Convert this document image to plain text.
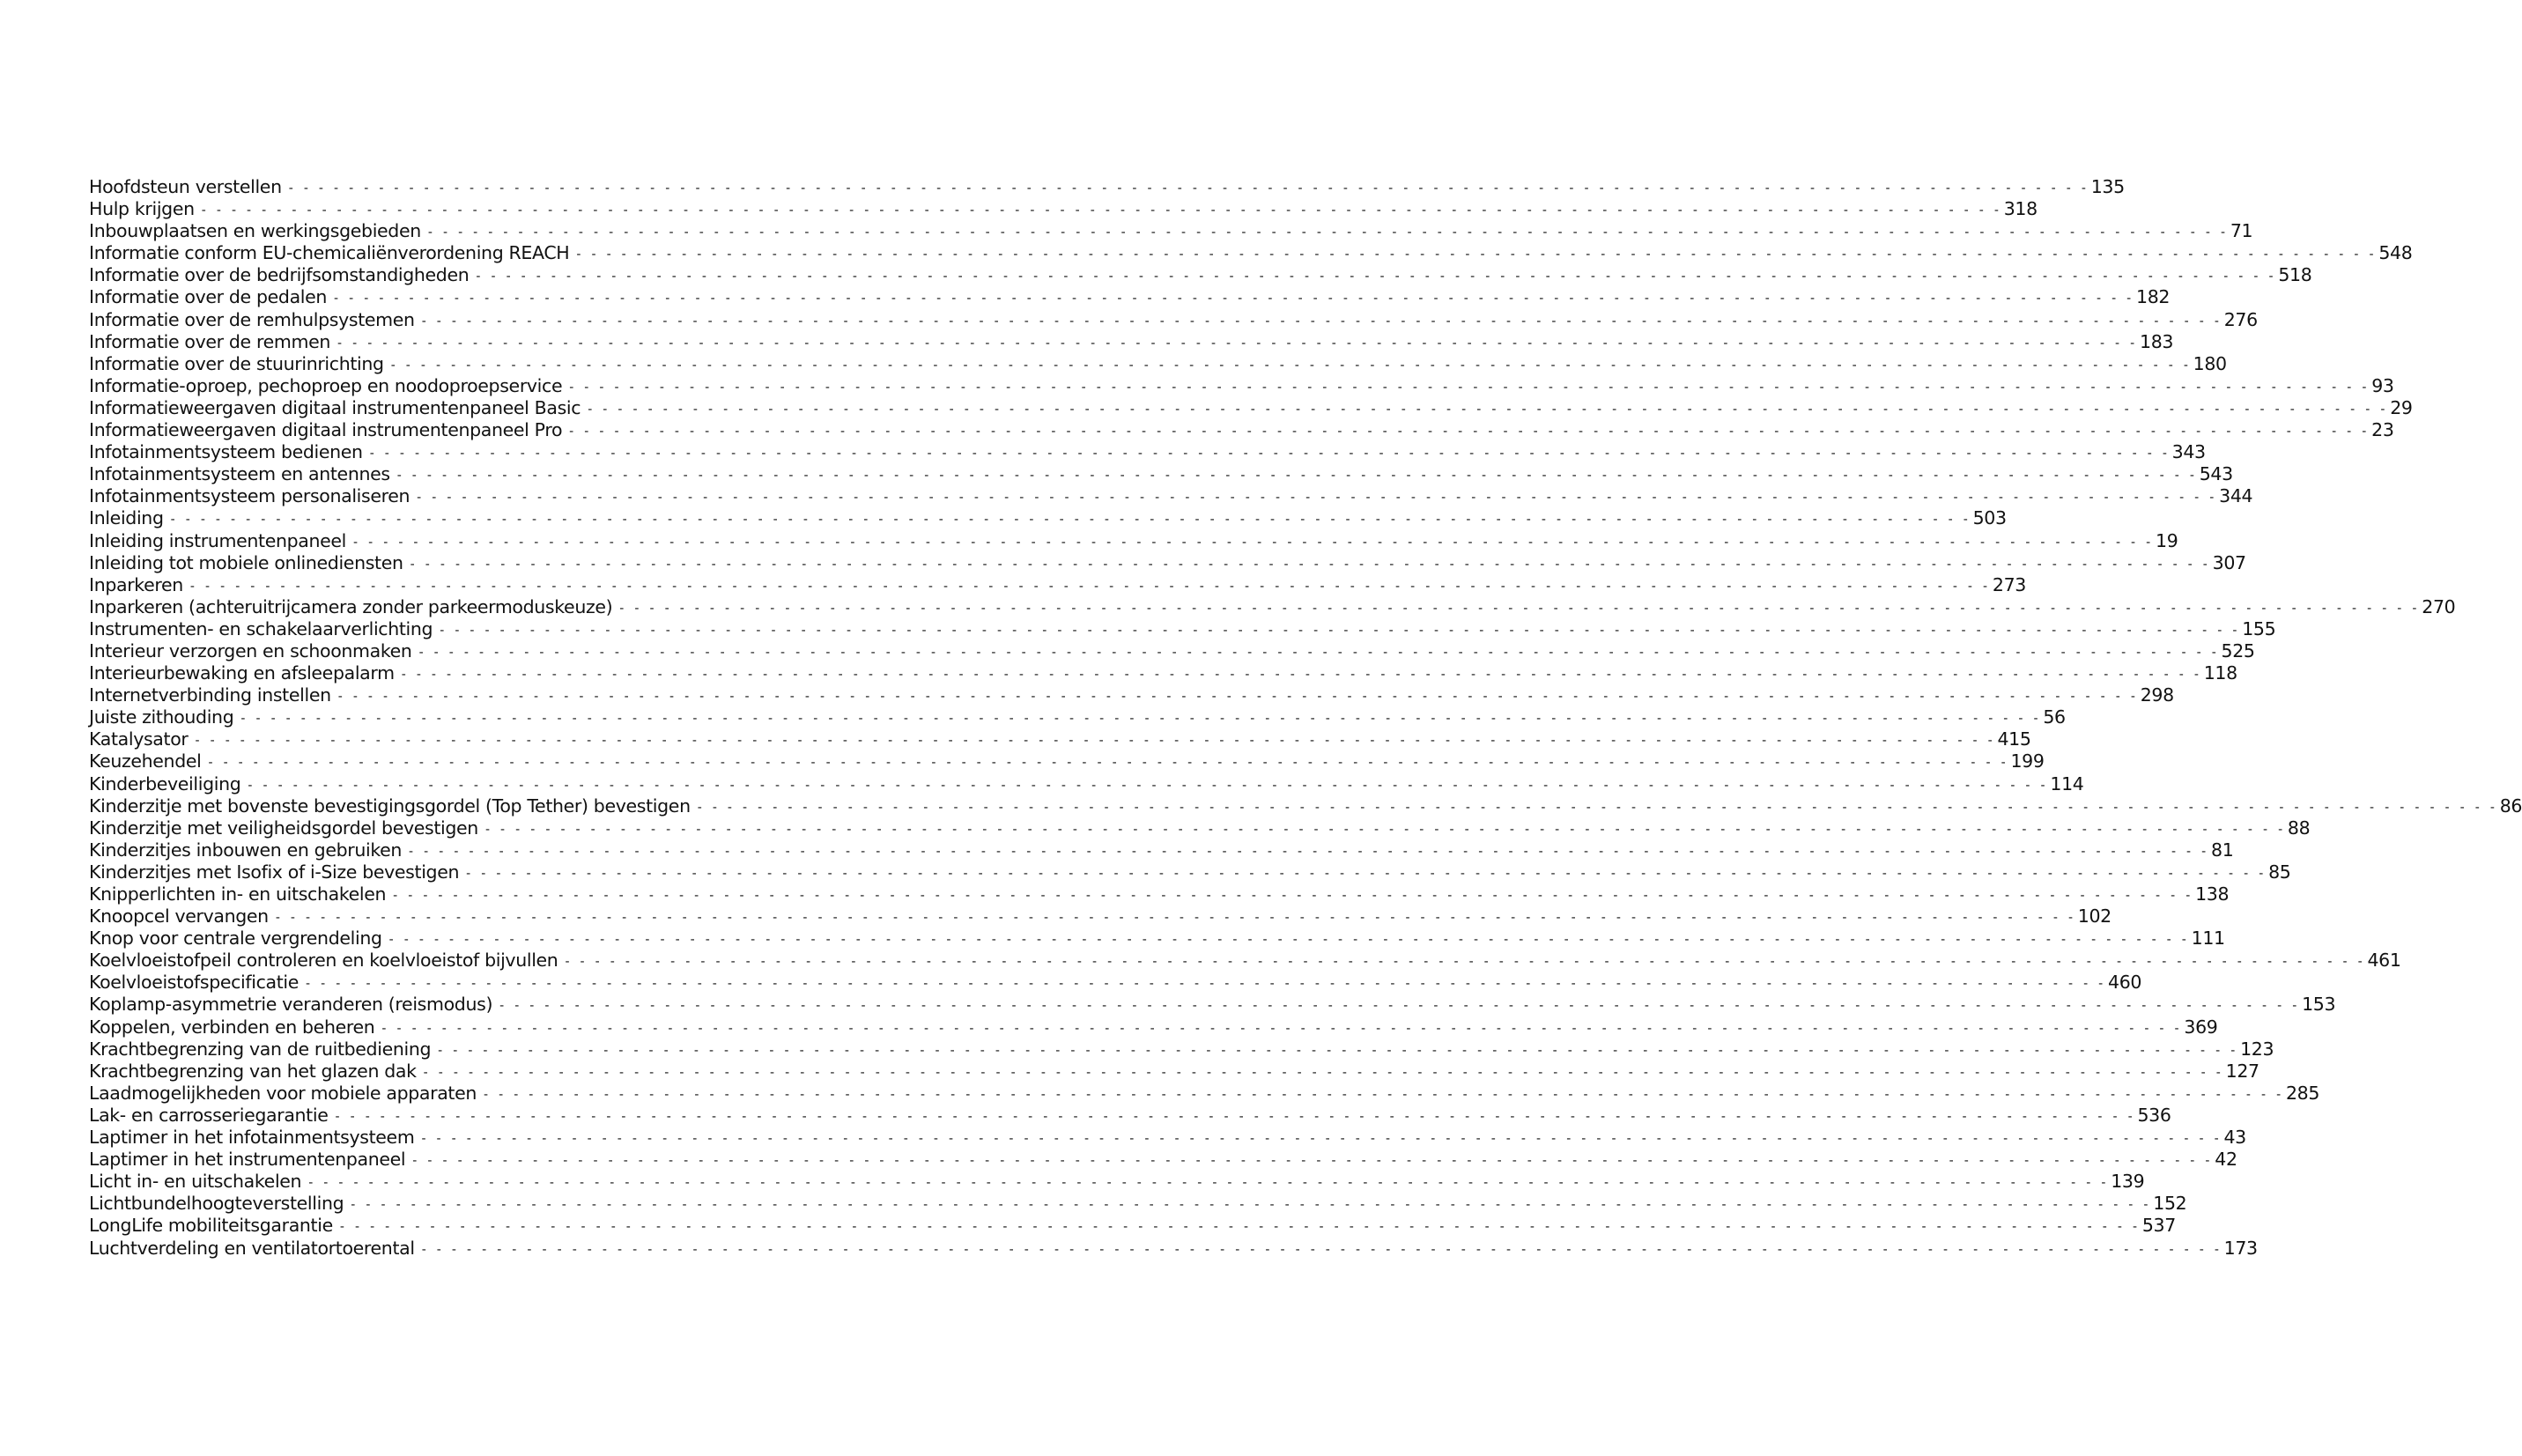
Hoofdsteun verstellen - - - - - - - - - - - - - - - - - - - - - - - - - - - - - - - - - - - - - - - - - - - - - - - - - - - - - - - - - - - - - - - - - - - - - - - - - - - - - - - - - - - - - - - - - - - - - - - - - - - - - - - - - - - - - - - - - - - - - - - - 135
Hulp krijgen - - - - - - - - - - - - - - - - - - - - - - - - - - - - - - - - - - - - - - - - - - - - - - - - - - - - - - - - - - - - - - - - - - - - - - - - - - - - - - - - - - - - - - - - - - - - - - - - - - - - - - - - - - - - - - - - - - - - - - - - 318
Inbouwplaatsen en werkingsgebieden - - - - - - - - - - - - - - - - - - - - - - - - - - - - - - - - - - - - - - - - - - - - - - - - - - - - - - - - - - - - - - - - - - - - - - - - - - - - - - - - - - - - - - - - - - - - - - - - - - - - - - - - - - - - - - - - - - - - - - - - 71
Informatie conform EU-chemicaliënverordening REACH - - - - - - - - - - - - - - - - - - - - - - - - - - - - - - - - - - - - - - - - - - - - - - - - - - - - - - - - - - - - - - - - - - - - - - - - - - - - - - - - - - - - - - - - - - - - - - - - - - - - - - - - - - - - - - - - - - - - - - - - 548
Informatie over de bedrijfsomstandigheden - - - - - - - - - - - - - - - - - - - - - - - - - - - - - - - - - - - - - - - - - - - - - - - - - - - - - - - - - - - - - - - - - - - - - - - - - - - - - - - - - - - - - - - - - - - - - - - - - - - - - - - - - - - - - - - - - - - - - - - - 518
Informatie over de pedalen - - - - - - - - - - - - - - - - - - - - - - - - - - - - - - - - - - - - - - - - - - - - - - - - - - - - - - - - - - - - - - - - - - - - - - - - - - - - - - - - - - - - - - - - - - - - - - - - - - - - - - - - - - - - - - - - - - - - - - - - 182
Informatie over de remhulpsystemen - - - - - - - - - - - - - - - - - - - - - - - - - - - - - - - - - - - - - - - - - - - - - - - - - - - - - - - - - - - - - - - - - - - - - - - - - - - - - - - - - - - - - - - - - - - - - - - - - - - - - - - - - - - - - - - - - - - - - - - - 276
Informatie over de remmen - - - - - - - - - - - - - - - - - - - - - - - - - - - - - - - - - - - - - - - - - - - - - - - - - - - - - - - - - - - - - - - - - - - - - - - - - - - - - - - - - - - - - - - - - - - - - - - - - - - - - - - - - - - - - - - - - - - - - - - - 183
Informatie over de stuurinrichting - - - - - - - - - - - - - - - - - - - - - - - - - - - - - - - - - - - - - - - - - - - - - - - - - - - - - - - - - - - - - - - - - - - - - - - - - - - - - - - - - - - - - - - - - - - - - - - - - - - - - - - - - - - - - - - - - - - - - - - - 180
Informatie-oproep, pechoproep en noodoproepservice - - - - - - - - - - - - - - - - - - - - - - - - - - - - - - - - - - - - - - - - - - - - - - - - - - - - - - - - - - - - - - - - - - - - - - - - - - - - - - - - - - - - - - - - - - - - - - - - - - - - - - - - - - - - - - - - - - - - - - - - 93
Informatieweergaven digitaal instrumentenpaneel Basic - - - - - - - - - - - - - - - - - - - - - - - - - - - - - - - - - - - - - - - - - - - - - - - - - - - - - - - - - - - - - - - - - - - - - - - - - - - - - - - - - - - - - - - - - - - - - - - - - - - - - - - - - - - - - - - - - - - - - - - - 29
Informatieweergaven digitaal instrumentenpaneel Pro - - - - - - - - - - - - - - - - - - - - - - - - - - - - - - - - - - - - - - - - - - - - - - - - - - - - - - - - - - - - - - - - - - - - - - - - - - - - - - - - - - - - - - - - - - - - - - - - - - - - - - - - - - - - - - - - - - - - - - - - 23
Infotainmentsysteem bedienen - - - - - - - - - - - - - - - - - - - - - - - - - - - - - - - - - - - - - - - - - - - - - - - - - - - - - - - - - - - - - - - - - - - - - - - - - - - - - - - - - - - - - - - - - - - - - - - - - - - - - - - - - - - - - - - - - - - - - - - - 343
Infotainmentsysteem en antennes - - - - - - - - - - - - - - - - - - - - - - - - - - - - - - - - - - - - - - - - - - - - - - - - - - - - - - - - - - - - - - - - - - - - - - - - - - - - - - - - - - - - - - - - - - - - - - - - - - - - - - - - - - - - - - - - - - - - - - - - 543
Infotainmentsysteem personaliseren - - - - - - - - - - - - - - - - - - - - - - - - - - - - - - - - - - - - - - - - - - - - - - - - - - - - - - - - - - - - - - - - - - - - - - - - - - - - - - - - - - - - - - - - - - - - - - - - - - - - - - - - - - - - - - - - - - - - - - - - 344
Inleiding - - - - - - - - - - - - - - - - - - - - - - - - - - - - - - - - - - - - - - - - - - - - - - - - - - - - - - - - - - - - - - - - - - - - - - - - - - - - - - - - - - - - - - - - - - - - - - - - - - - - - - - - - - - - - - - - - - - - - - - - 503
Inleiding instrumentenpaneel - - - - - - - - - - - - - - - - - - - - - - - - - - - - - - - - - - - - - - - - - - - - - - - - - - - - - - - - - - - - - - - - - - - - - - - - - - - - - - - - - - - - - - - - - - - - - - - - - - - - - - - - - - - - - - - - - - - - - - - - 19
Inleiding tot mobiele onlinediensten - - - - - - - - - - - - - - - - - - - - - - - - - - - - - - - - - - - - - - - - - - - - - - - - - - - - - - - - - - - - - - - - - - - - - - - - - - - - - - - - - - - - - - - - - - - - - - - - - - - - - - - - - - - - - - - - - - - - - - - - 307
Inparkeren - - - - - - - - - - - - - - - - - - - - - - - - - - - - - - - - - - - - - - - - - - - - - - - - - - - - - - - - - - - - - - - - - - - - - - - - - - - - - - - - - - - - - - - - - - - - - - - - - - - - - - - - - - - - - - - - - - - - - - - - 273
Inparkeren (achteruitrijcamera zonder parkeermoduskeuze) - - - - - - - - - - - - - - - - - - - - - - - - - - - - - - - - - - - - - - - - - - - - - - - - - - - - - - - - - - - - - - - - - - - - - - - - - - - - - - - - - - - - - - - - - - - - - - - - - - - - - - - - - - - - - - - - - - - - - - - - 270
Instrumenten- en schakelaarverlichting - - - - - - - - - - - - - - - - - - - - - - - - - - - - - - - - - - - - - - - - - - - - - - - - - - - - - - - - - - - - - - - - - - - - - - - - - - - - - - - - - - - - - - - - - - - - - - - - - - - - - - - - - - - - - - - - - - - - - - - - 155
Interieur verzorgen en schoonmaken - - - - - - - - - - - - - - - - - - - - - - - - - - - - - - - - - - - - - - - - - - - - - - - - - - - - - - - - - - - - - - - - - - - - - - - - - - - - - - - - - - - - - - - - - - - - - - - - - - - - - - - - - - - - - - - - - - - - - - - - 525
Interieurbewaking en afsleepalarm - - - - - - - - - - - - - - - - - - - - - - - - - - - - - - - - - - - - - - - - - - - - - - - - - - - - - - - - - - - - - - - - - - - - - - - - - - - - - - - - - - - - - - - - - - - - - - - - - - - - - - - - - - - - - - - - - - - - - - - - 118
Internetverbinding instellen - - - - - - - - - - - - - - - - - - - - - - - - - - - - - - - - - - - - - - - - - - - - - - - - - - - - - - - - - - - - - - - - - - - - - - - - - - - - - - - - - - - - - - - - - - - - - - - - - - - - - - - - - - - - - - - - - - - - - - - - 298
Juiste zithouding - - - - - - - - - - - - - - - - - - - - - - - - - - - - - - - - - - - - - - - - - - - - - - - - - - - - - - - - - - - - - - - - - - - - - - - - - - - - - - - - - - - - - - - - - - - - - - - - - - - - - - - - - - - - - - - - - - - - - - - - 56
Katalysator - - - - - - - - - - - - - - - - - - - - - - - - - - - - - - - - - - - - - - - - - - - - - - - - - - - - - - - - - - - - - - - - - - - - - - - - - - - - - - - - - - - - - - - - - - - - - - - - - - - - - - - - - - - - - - - - - - - - - - - - 415
Keuzehendel - - - - - - - - - - - - - - - - - - - - - - - - - - - - - - - - - - - - - - - - - - - - - - - - - - - - - - - - - - - - - - - - - - - - - - - - - - - - - - - - - - - - - - - - - - - - - - - - - - - - - - - - - - - - - - - - - - - - - - - - 199
Kinderbeveiliging - - - - - - - - - - - - - - - - - - - - - - - - - - - - - - - - - - - - - - - - - - - - - - - - - - - - - - - - - - - - - - - - - - - - - - - - - - - - - - - - - - - - - - - - - - - - - - - - - - - - - - - - - - - - - - - - - - - - - - - - 114
Kinderzitje met bovenste bevestigingsgordel (Top Tether) bevestigen - - - - - - - - - - - - - - - - - - - - - - - - - - - - - - - - - - - - - - - - - - - - - - - - - - - - - - - - - - - - - - - - - - - - - - - - - - - - - - - - - - - - - - - - - - - - - - - - - - - - - - - - - - - - - - - - - - - - - - - - 86
Kinderzitje met veiligheidsgordel bevestigen - - - - - - - - - - - - - - - - - - - - - - - - - - - - - - - - - - - - - - - - - - - - - - - - - - - - - - - - - - - - - - - - - - - - - - - - - - - - - - - - - - - - - - - - - - - - - - - - - - - - - - - - - - - - - - - - - - - - - - - - 88
Kinderzitjes inbouwen en gebruiken - - - - - - - - - - - - - - - - - - - - - - - - - - - - - - - - - - - - - - - - - - - - - - - - - - - - - - - - - - - - - - - - - - - - - - - - - - - - - - - - - - - - - - - - - - - - - - - - - - - - - - - - - - - - - - - - - - - - - - - - 81
Kinderzitjes met Isofix of i-Size bevestigen - - - - - - - - - - - - - - - - - - - - - - - - - - - - - - - - - - - - - - - - - - - - - - - - - - - - - - - - - - - - - - - - - - - - - - - - - - - - - - - - - - - - - - - - - - - - - - - - - - - - - - - - - - - - - - - - - - - - - - - - 85
Knipperlichten in- en uitschakelen - - - - - - - - - - - - - - - - - - - - - - - - - - - - - - - - - - - - - - - - - - - - - - - - - - - - - - - - - - - - - - - - - - - - - - - - - - - - - - - - - - - - - - - - - - - - - - - - - - - - - - - - - - - - - - - - - - - - - - - - 138
Knoopcel vervangen - - - - - - - - - - - - - - - - - - - - - - - - - - - - - - - - - - - - - - - - - - - - - - - - - - - - - - - - - - - - - - - - - - - - - - - - - - - - - - - - - - - - - - - - - - - - - - - - - - - - - - - - - - - - - - - - - - - - - - - - 102
Knop voor centrale vergrendeling - - - - - - - - - - - - - - - - - - - - - - - - - - - - - - - - - - - - - - - - - - - - - - - - - - - - - - - - - - - - - - - - - - - - - - - - - - - - - - - - - - - - - - - - - - - - - - - - - - - - - - - - - - - - - - - - - - - - - - - - 111
Koelvloeistofpeil controleren en koelvloeistof bijvullen - - - - - - - - - - - - - - - - - - - - - - - - - - - - - - - - - - - - - - - - - - - - - - - - - - - - - - - - - - - - - - - - - - - - - - - - - - - - - - - - - - - - - - - - - - - - - - - - - - - - - - - - - - - - - - - - - - - - - - - - 461
Koelvloeistofspecificatie - - - - - - - - - - - - - - - - - - - - - - - - - - - - - - - - - - - - - - - - - - - - - - - - - - - - - - - - - - - - - - - - - - - - - - - - - - - - - - - - - - - - - - - - - - - - - - - - - - - - - - - - - - - - - - - - - - - - - - - - 460
Koplamp-asymmetrie veranderen (reismodus) - - - - - - - - - - - - - - - - - - - - - - - - - - - - - - - - - - - - - - - - - - - - - - - - - - - - - - - - - - - - - - - - - - - - - - - - - - - - - - - - - - - - - - - - - - - - - - - - - - - - - - - - - - - - - - - - - - - - - - - - 153
Koppelen, verbinden en beheren - - - - - - - - - - - - - - - - - - - - - - - - - - - - - - - - - - - - - - - - - - - - - - - - - - - - - - - - - - - - - - - - - - - - - - - - - - - - - - - - - - - - - - - - - - - - - - - - - - - - - - - - - - - - - - - - - - - - - - - - 369
Krachtbegrenzing van de ruitbediening - - - - - - - - - - - - - - - - - - - - - - - - - - - - - - - - - - - - - - - - - - - - - - - - - - - - - - - - - - - - - - - - - - - - - - - - - - - - - - - - - - - - - - - - - - - - - - - - - - - - - - - - - - - - - - - - - - - - - - - - 123
Krachtbegrenzing van het glazen dak - - - - - - - - - - - - - - - - - - - - - - - - - - - - - - - - - - - - - - - - - - - - - - - - - - - - - - - - - - - - - - - - - - - - - - - - - - - - - - - - - - - - - - - - - - - - - - - - - - - - - - - - - - - - - - - - - - - - - - - - 127
Laadmogelijkheden voor mobiele apparaten - - - - - - - - - - - - - - - - - - - - - - - - - - - - - - - - - - - - - - - - - - - - - - - - - - - - - - - - - - - - - - - - - - - - - - - - - - - - - - - - - - - - - - - - - - - - - - - - - - - - - - - - - - - - - - - - - - - - - - - - 285
Lak- en carrosseriegarantie - - - - - - - - - - - - - - - - - - - - - - - - - - - - - - - - - - - - - - - - - - - - - - - - - - - - - - - - - - - - - - - - - - - - - - - - - - - - - - - - - - - - - - - - - - - - - - - - - - - - - - - - - - - - - - - - - - - - - - - - 536
Laptimer in het infotainmentsysteem - - - - - - - - - - - - - - - - - - - - - - - - - - - - - - - - - - - - - - - - - - - - - - - - - - - - - - - - - - - - - - - - - - - - - - - - - - - - - - - - - - - - - - - - - - - - - - - - - - - - - - - - - - - - - - - - - - - - - - - - 43
Laptimer in het instrumentenpaneel - - - - - - - - - - - - - - - - - - - - - - - - - - - - - - - - - - - - - - - - - - - - - - - - - - - - - - - - - - - - - - - - - - - - - - - - - - - - - - - - - - - - - - - - - - - - - - - - - - - - - - - - - - - - - - - - - - - - - - - - 42
Licht in- en uitschakelen - - - - - - - - - - - - - - - - - - - - - - - - - - - - - - - - - - - - - - - - - - - - - - - - - - - - - - - - - - - - - - - - - - - - - - - - - - - - - - - - - - - - - - - - - - - - - - - - - - - - - - - - - - - - - - - - - - - - - - - - 139
Lichtbundelhoogteverstelling - - - - - - - - - - - - - - - - - - - - - - - - - - - - - - - - - - - - - - - - - - - - - - - - - - - - - - - - - - - - - - - - - - - - - - - - - - - - - - - - - - - - - - - - - - - - - - - - - - - - - - - - - - - - - - - - - - - - - - - - 152
LongLife mobiliteitsgarantie - - - - - - - - - - - - - - - - - - - - - - - - - - - - - - - - - - - - - - - - - - - - - - - - - - - - - - - - - - - - - - - - - - - - - - - - - - - - - - - - - - - - - - - - - - - - - - - - - - - - - - - - - - - - - - - - - - - - - - - - 537
Luchtverdeling en ventilatortoerental - - - - - - - - - - - - - - - - - - - - - - - - - - - - - - - - - - - - - - - - - - - - - - - - - - - - - - - - - - - - - - - - - - - - - - - - - - - - - - - - - - - - - - - - - - - - - - - - - - - - - - - - - - - - - - - - - - - - - - - - 173
